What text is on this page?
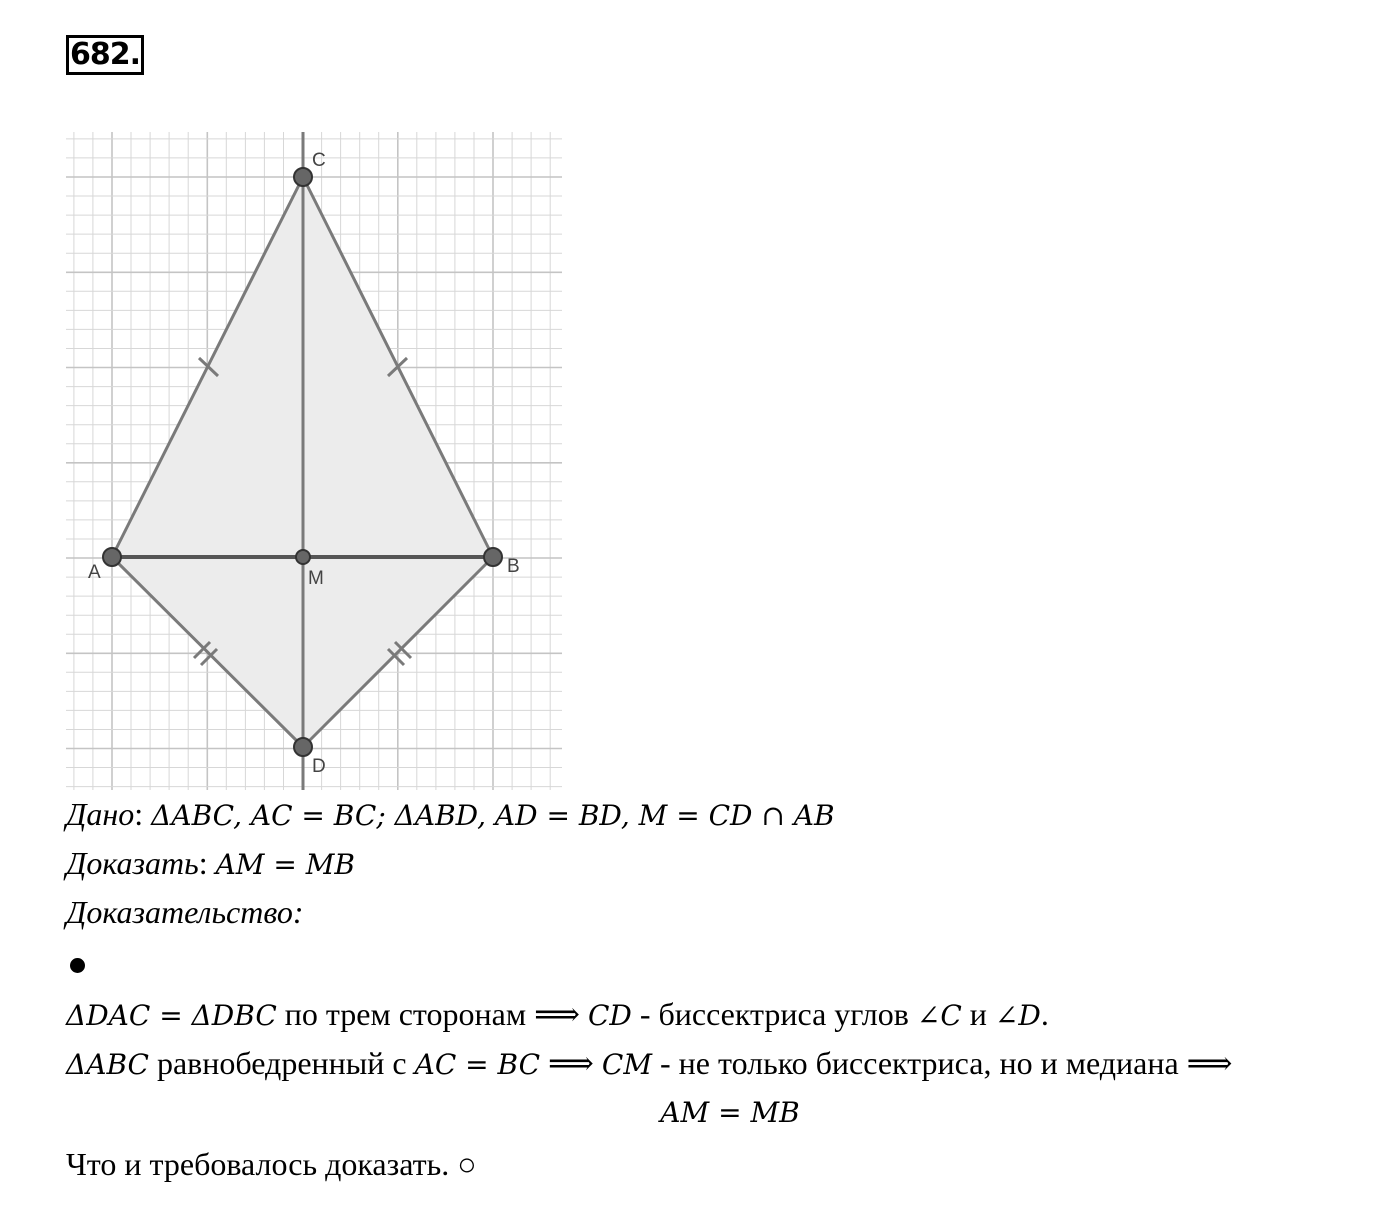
682.
C
A	M
B
D
Дано: ΔABC, AC = BC; ΔABD, AD = BD, M = CD ∩ AB
Доказать: AM = MB
Доказательство:
ΔDAC = ΔDBC по трем сторонам ⟹ CD - биссектриса углов ∠C и ∠D.
ΔABC равнобедренный с AC = BC ⟹ CM - не только биссектриса, но и медиана ⟹
AM = MB
Что и требовалось доказать. ○
